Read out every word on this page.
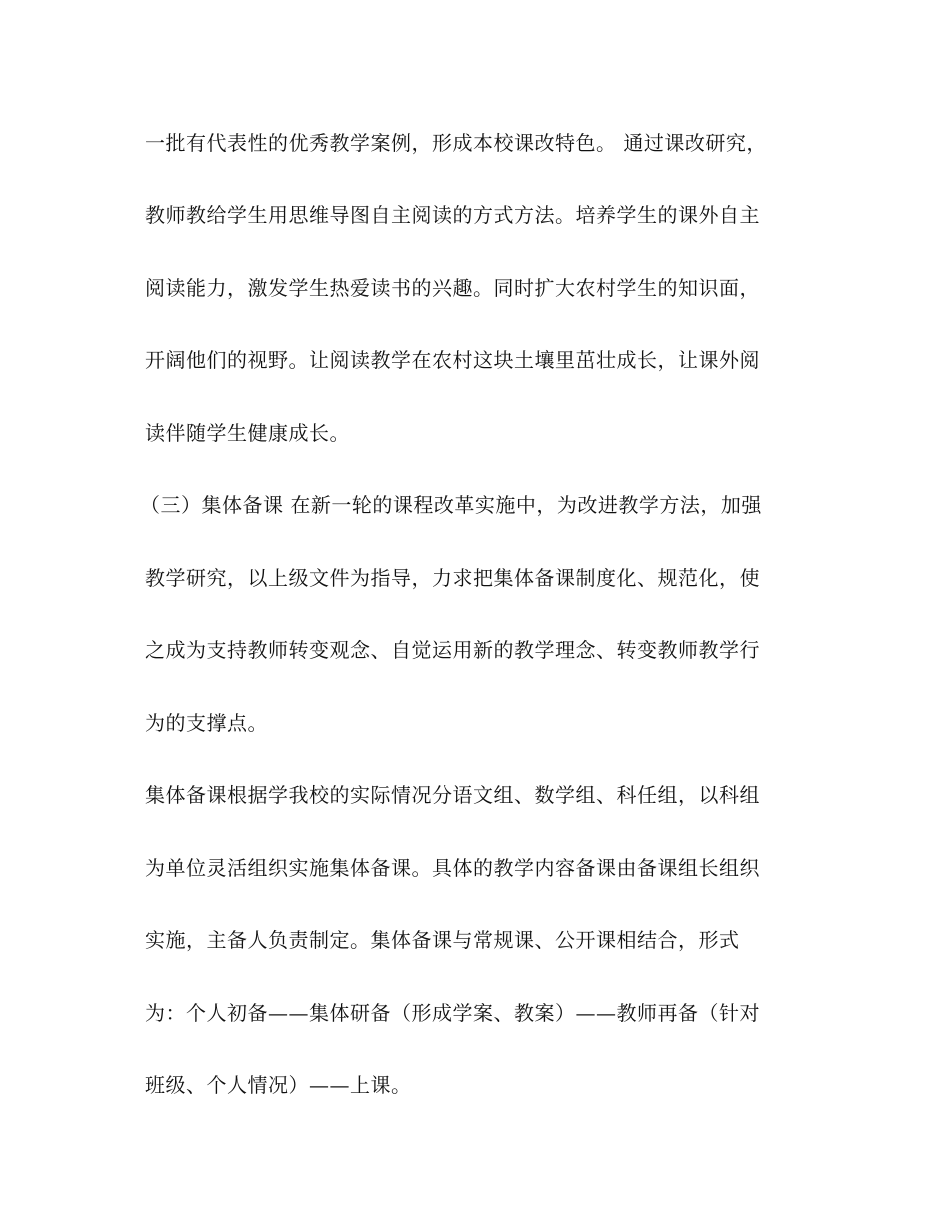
一批有代表性的优秀教学案例，形成本校课改特色。 通过课改研究，

教师教给学生用思维导图自主阅读的方式方法。培养学生的课外自主

阅读能力，激发学生热爱读书的兴趣。同时扩大农村学生的知识面，

开阔他们的视野。让阅读教学在农村这块土壤里茁壮成长，让课外阅

读伴随学生健康成长。

（三）集体备课 在新一轮的课程改革实施中，为改进教学方法，加强

教学研究，以上级文件为指导，力求把集体备课制度化、规范化，使

之成为支持教师转变观念、自觉运用新的教学理念、转变教师教学行

为的支撑点。

集体备课根据学我校的实际情况分语文组、数学组、科任组，以科组

为单位灵活组织实施集体备课。具体的教学内容备课由备课组长组织

实施，主备人负责制定。集体备课与常规课、公开课相结合，形式

为：个人初备——集体研备（形成学案、教案）——教师再备（针对

班级、个人情况）——上课。
